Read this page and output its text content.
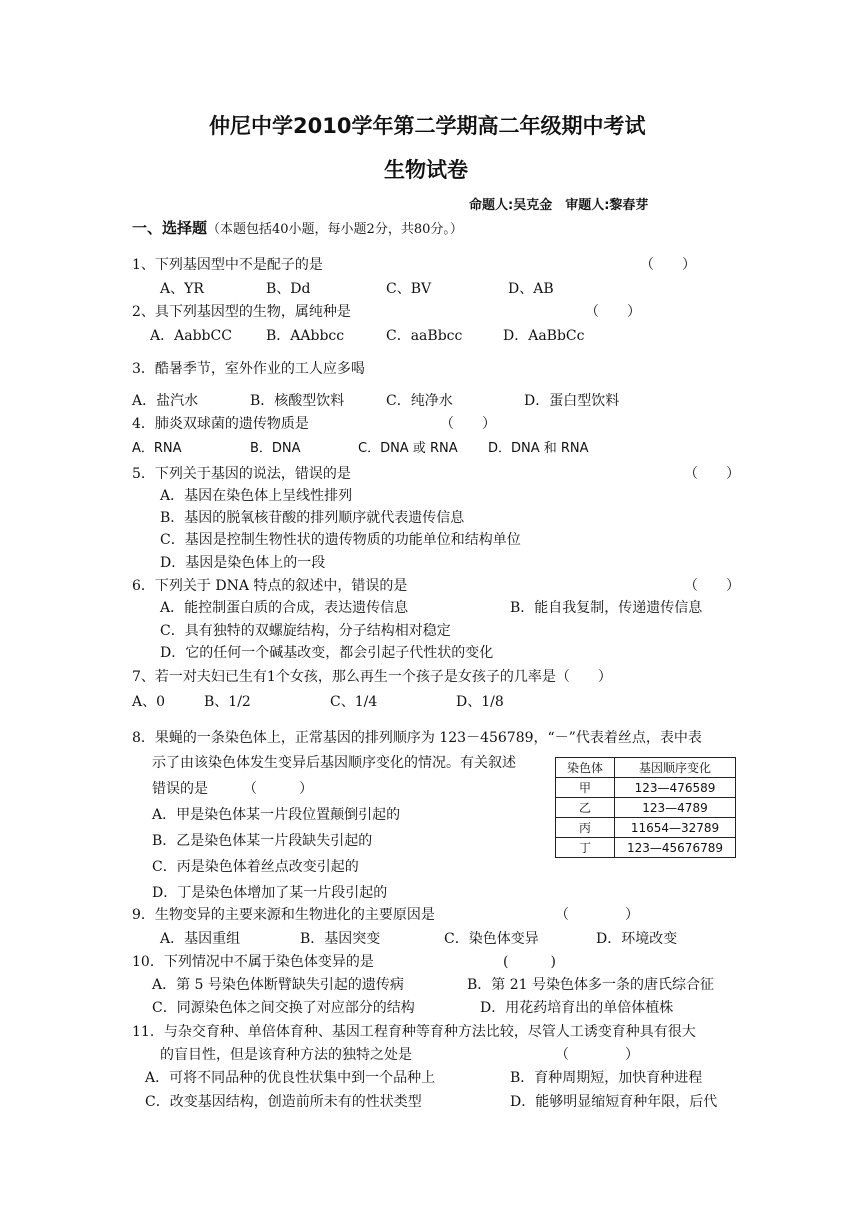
仲尼中学2010学年第二学期高二年级期中考试
生物试卷
命题人:吴克金　审题人:黎春芽
一、选择题（本题包括40小题，每小题2分，共80分。）
1、下列基因型中不是配子的是	（　　）
A、YR	B、Dd	C、BV	D、AB
2、具下列基因型的生物，属纯种是	（　　）
A．AabbCC B．AAbbcc	C．aaBbcc	D．AaBbCc
3．酷暑季节，室外作业的工人应多喝
A．盐汽水	B．核酸型饮料	C．纯净水	D．蛋白型饮料
4．肺炎双球菌的遗传物质是	（　　）
A．RNA	B．DNA	C．DNA 或 RNA D．DNA 和 RNA
5．下列关于基因的说法，错误的是	（　　）
A．基因在染色体上呈线性排列
B．基因的脱氧核苷酸的排列顺序就代表遗传信息
C．基因是控制生物性状的遗传物质的功能单位和结构单位
D．基因是染色体上的一段
6．下列关于 DNA 特点的叙述中，错误的是	（　　）
A．能控制蛋白质的合成，表达遗传信息	B．能自我复制，传递遗传信息
C．具有独特的双螺旋结构，分子结构相对稳定
D．它的任何一个碱基改变，都会引起子代性状的变化
7、若一对夫妇已生有1个女孩，那么再生一个孩子是女孩子的几率是（　　）
A、0	B、1/2	C、1/4	D、1/8
8．果蝇的一条染色体上，正常基因的排列顺序为 123－456789，“－”代表着丝点，表中表
示了由该染色体发生变异后基因顺序变化的情况。有关叙述
错误的是　　　（　　　）
A．甲是染色体某一片段位置颠倒引起的
B．乙是染色体某一片段缺失引起的
C．丙是染色体着丝点改变引起的
D．丁是染色体增加了某一片段引起的
染色体	基因顺序变化
甲	123—476589
乙	123—4789
丙	11654—32789
丁	123—45676789
9．生物变异的主要来源和生物进化的主要原因是	（　　　　）
A．基因重组	B．基因突变	C．染色体变异	D．环境改变
10．下列情况中不属于染色体变异的是	(　　　)
A．第 5 号染色体断臂缺失引起的遗传病	B．第 21 号染色体多一条的唐氏综合征
C．同源染色体之间交换了对应部分的结构	D．用花药培育出的单倍体植株
11．与杂交育种、单倍体育种、基因工程育种等育种方法比较，尽管人工诱变育种具有很大
的盲目性，但是该育种方法的独特之处是	（　　　　）
A．可将不同品种的优良性状集中到一个品种上	B．育种周期短，加快育种进程
C．改变基因结构，创造前所未有的性状类型	D．能够明显缩短育种年限，后代
